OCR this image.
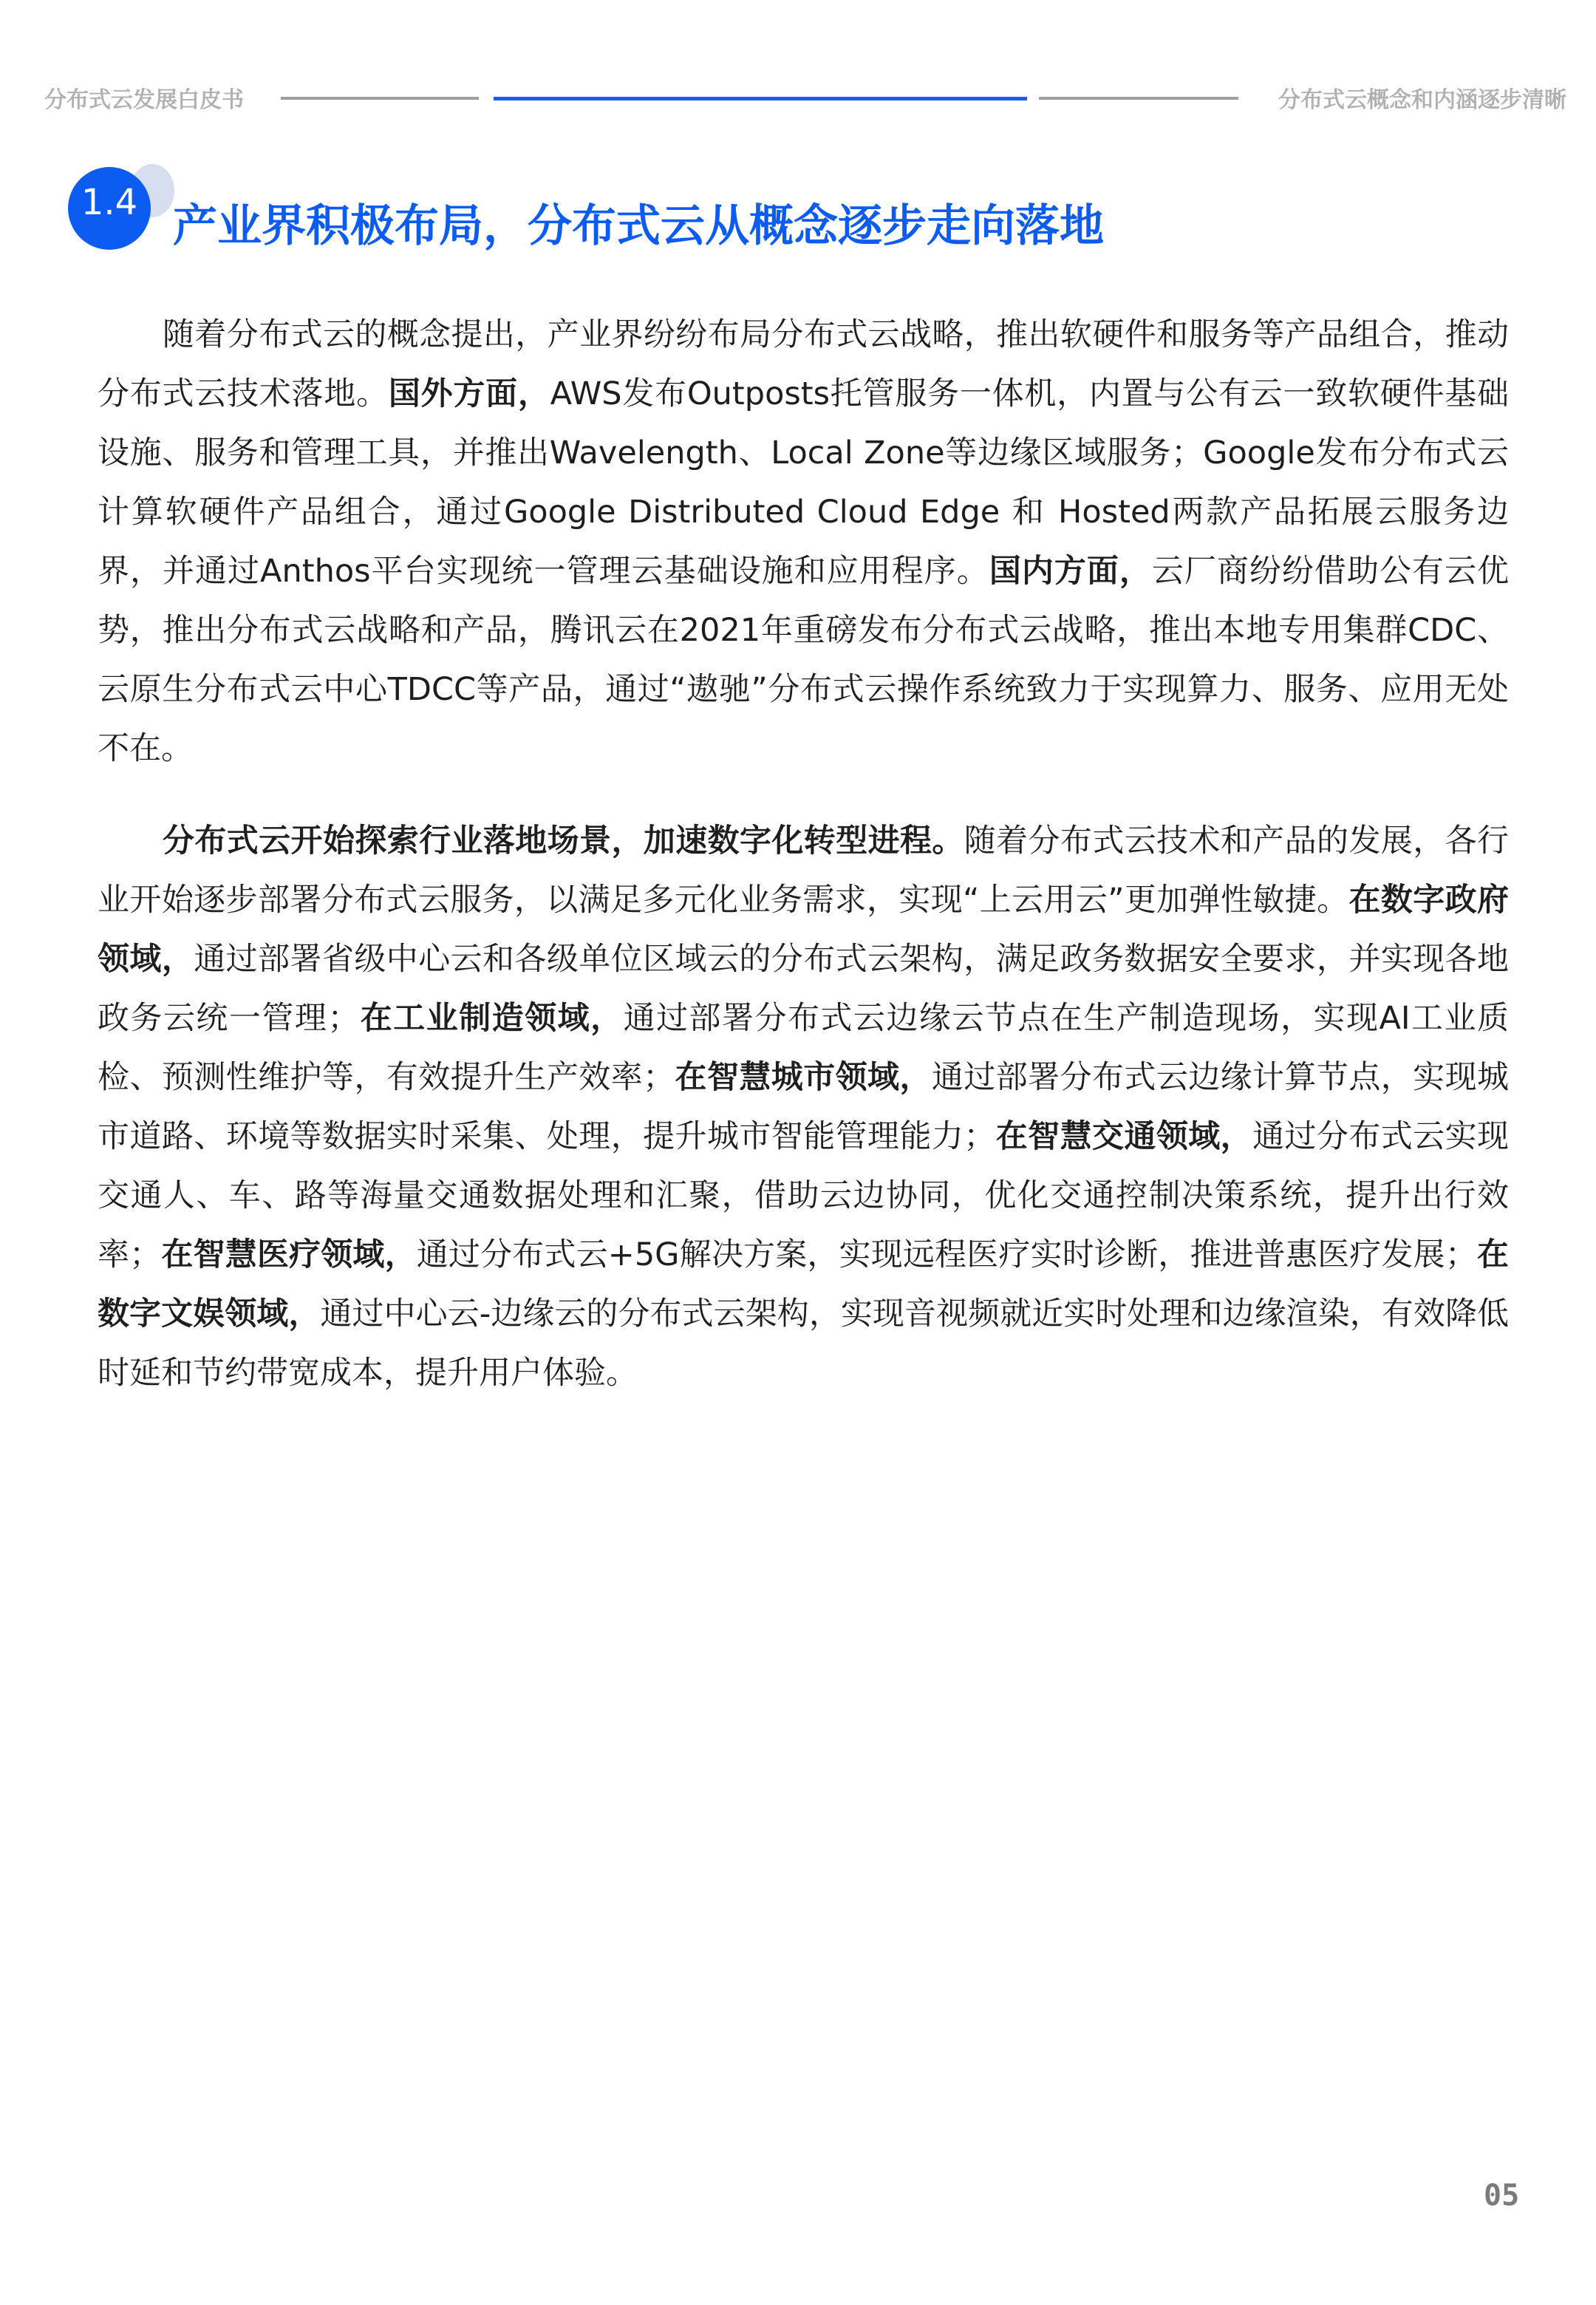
分布式云发展白皮书	分布式云概念和内涵逐步清晰
1.4 产业界积极布局，分布式云从概念逐步走向落地

随着分布式云的概念提出，产业界纷纷布局分布式云战略，推出软硬件和服务等产品组合，推动分布式云技术落地。国外方面，AWS发布Outposts托管服务一体机，内置与公有云一致软硬件基础设施、服务和管理工具，并推出Wavelength、Local Zone等边缘区域服务；Google发布分布式云计算软硬件产品组合，通过Google Distributed Cloud Edge 和 Hosted两款产品拓展云服务边界，并通过Anthos平台实现统一管理云基础设施和应用程序。国内方面，云厂商纷纷借助公有云优势，推出分布式云战略和产品，腾讯云在2021年重磅发布分布式云战略，推出本地专用集群CDC、云原生分布式云中心TDCC等产品，通过“遨驰”分布式云操作系统致力于实现算力、服务、应用无处不在。

分布式云开始探索行业落地场景，加速数字化转型进程。随着分布式云技术和产品的发展，各行业开始逐步部署分布式云服务，以满足多元化业务需求，实现“上云用云”更加弹性敏捷。在数字政府领域，通过部署省级中心云和各级单位区域云的分布式云架构，满足政务数据安全要求，并实现各地政务云统一管理；在工业制造领域，通过部署分布式云边缘云节点在生产制造现场，实现AI工业质检、预测性维护等，有效提升生产效率；在智慧城市领域，通过部署分布式云边缘计算节点，实现城市道路、环境等数据实时采集、处理，提升城市智能管理能力；在智慧交通领域，通过分布式云实现交通人、车、路等海量交通数据处理和汇聚，借助云边协同，优化交通控制决策系统，提升出行效率；在智慧医疗领域，通过分布式云+5G解决方案，实现远程医疗实时诊断，推进普惠医疗发展；在数字文娱领域，通过中心云-边缘云的分布式云架构，实现音视频就近实时处理和边缘渲染，有效降低时延和节约带宽成本，提升用户体验。

05
